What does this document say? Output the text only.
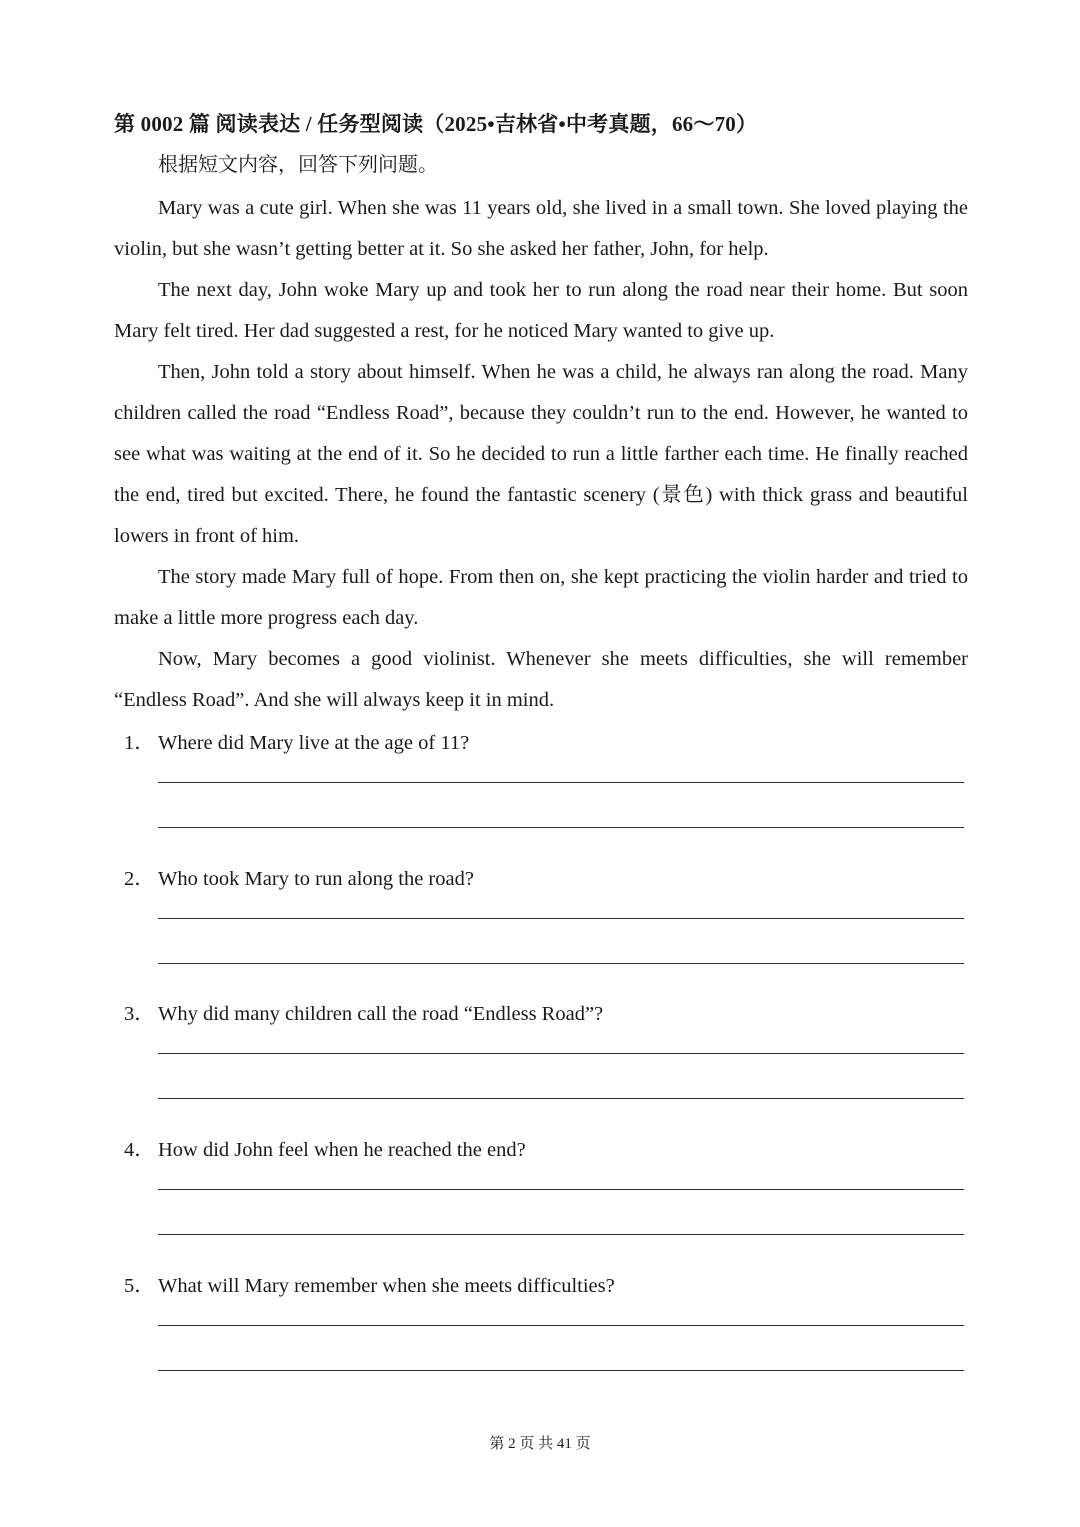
第 0002 篇 阅读表达 / 任务型阅读（2025•吉林省•中考真题，66～70）
根据短文内容，回答下列问题。

Mary was a cute girl. When she was 11 years old, she lived in a small town. She loved playing the violin, but she wasn’t getting better at it. So she asked her father, John, for help.

The next day, John woke Mary up and took her to run along the road near their home. But soon Mary felt tired. Her dad suggested a rest, for he noticed Mary wanted to give up.

Then, John told a story about himself. When he was a child, he always ran along the road. Many children called the road “Endless Road”, because they couldn’t run to the end. However, he wanted to see what was waiting at the end of it. So he decided to run a little farther each time. He finally reached the end, tired but excited. There, he found the fantastic scenery (景色) with thick grass and beautiful lowers in front of him.

The story made Mary full of hope. From then on, she kept practicing the violin harder and tried to make a little more progress each day.

Now, Mary becomes a good violinist. Whenever she meets difficulties, she will remember “Endless Road”. And she will always keep it in mind.

1． Where did Mary live at the age of 11?
2． Who took Mary to run along the road?
3． Why did many children call the road “Endless Road”?
4． How did John feel when he reached the end?
5． What will Mary remember when she meets difficulties?
第 2 页 共 41 页
